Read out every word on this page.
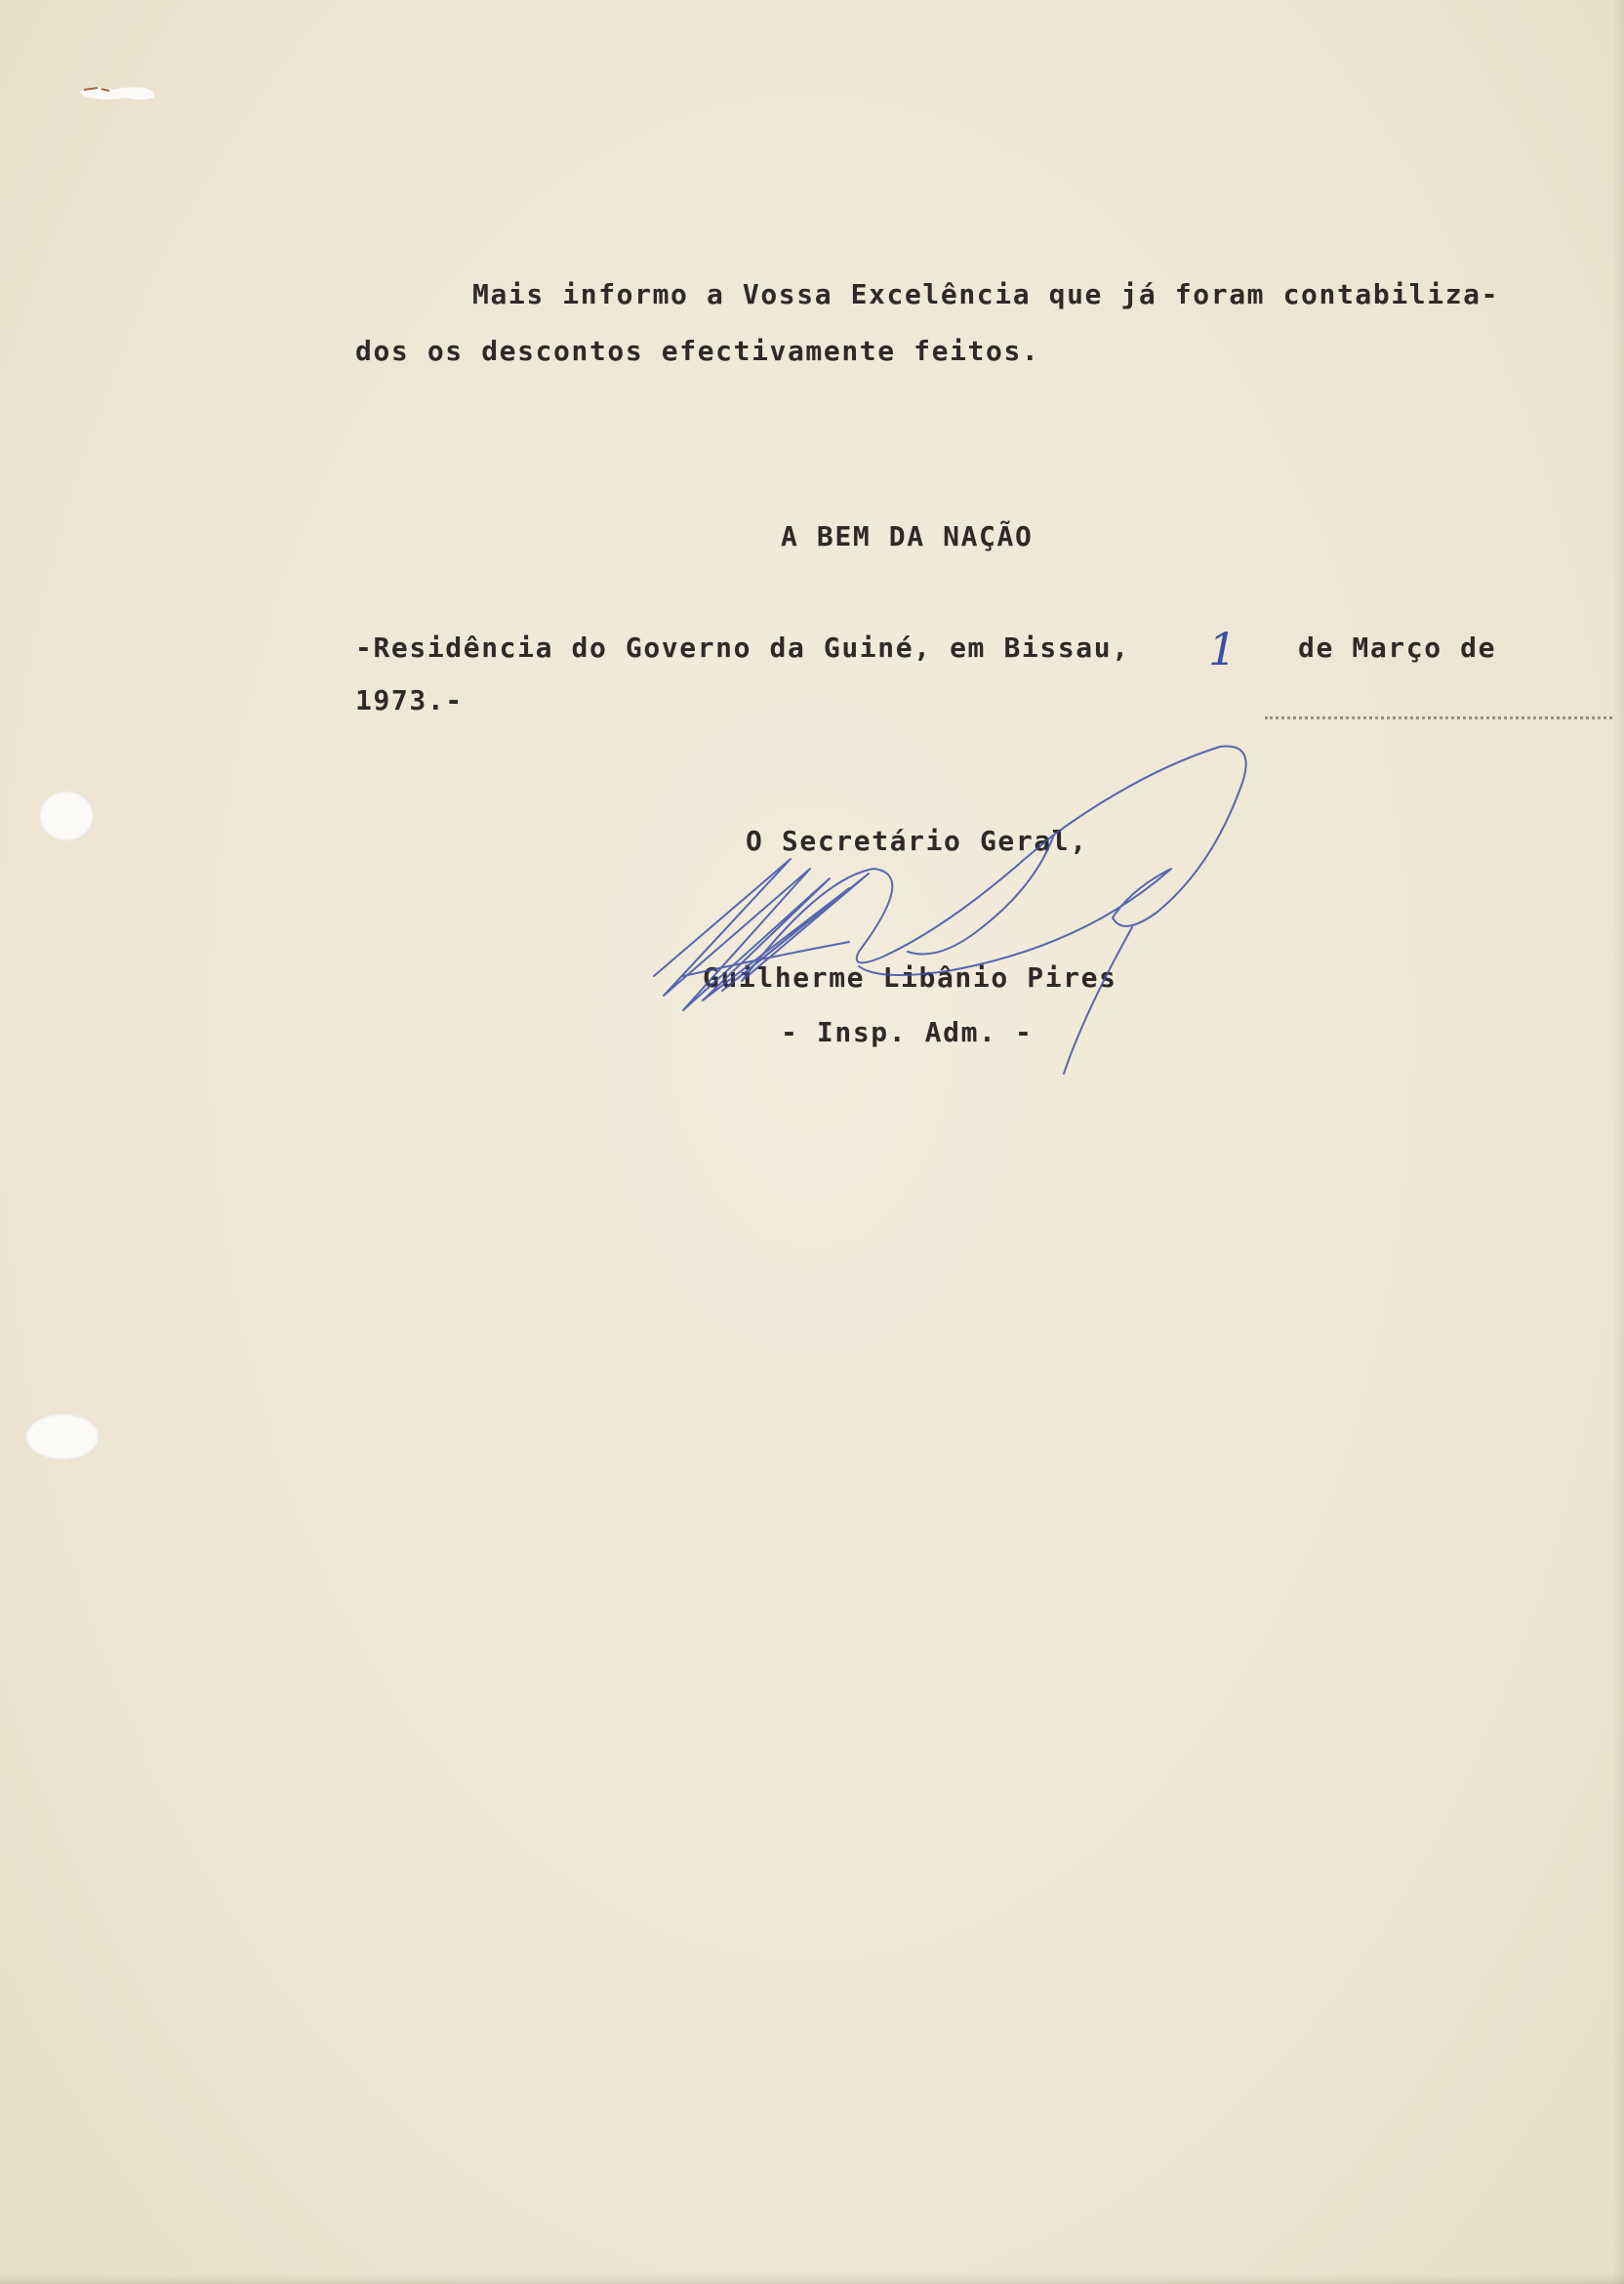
Mais informo a Vossa Excelência que já foram contabiliza-

dos os descontos efectivamente feitos.

A BEM DA NAÇÃO

-Residência do Governo da Guiné, em Bissau, 1 de Março de

1973.-

O Secretário Geral,

Guilherme Libânio Pires

- Insp. Adm. -
